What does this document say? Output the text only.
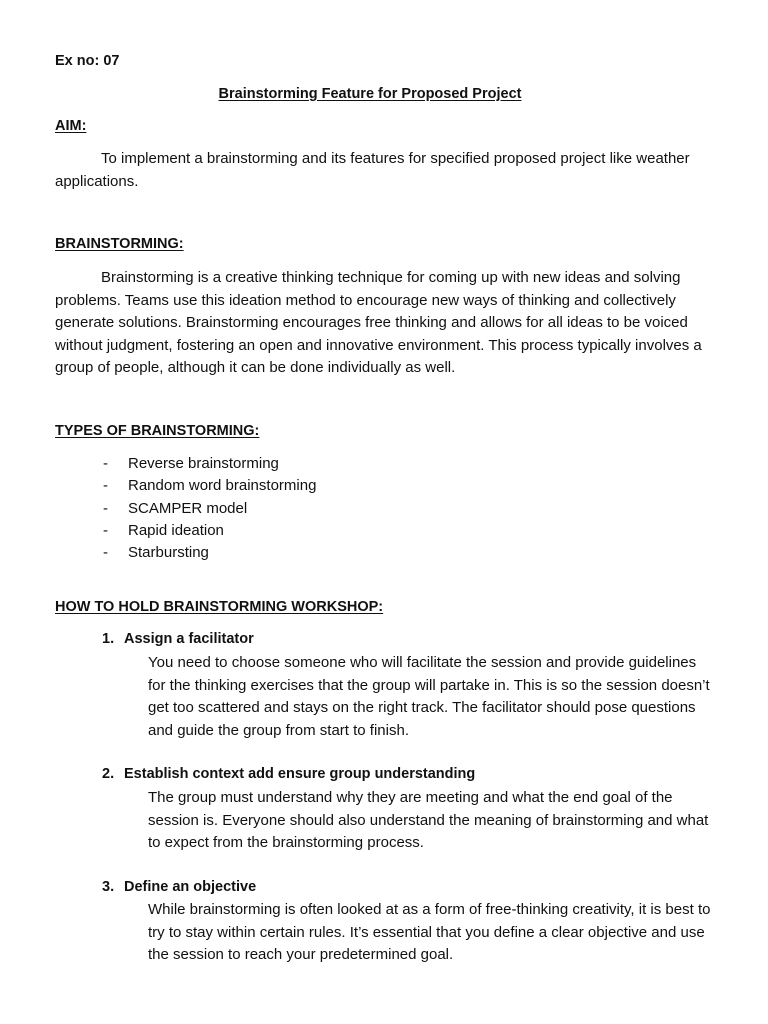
Ex no: 07
Brainstorming Feature for Proposed Project
AIM:
To implement a brainstorming and its features for specified proposed project like weather applications.
BRAINSTORMING:
Brainstorming is a creative thinking technique for coming up with new ideas and solving problems. Teams use this ideation method to encourage new ways of thinking and collectively generate solutions. Brainstorming encourages free thinking and allows for all ideas to be voiced without judgment, fostering an open and innovative environment. This process typically involves a group of people, although it can be done individually as well.
TYPES OF BRAINSTORMING:
- Reverse brainstorming
- Random word brainstorming
- SCAMPER model
- Rapid ideation
- Starbursting
HOW TO HOLD BRAINSTORMING WORKSHOP:
1. Assign a facilitator
You need to choose someone who will facilitate the session and provide guidelines for the thinking exercises that the group will partake in. This is so the session doesn’t get too scattered and stays on the right track. The facilitator should pose questions and guide the group from start to finish.
2. Establish context add ensure group understanding
The group must understand why they are meeting and what the end goal of the session is. Everyone should also understand the meaning of brainstorming and what to expect from the brainstorming process.
3. Define an objective
While brainstorming is often looked at as a form of free-thinking creativity, it is best to try to stay within certain rules. It’s essential that you define a clear objective and use the session to reach your predetermined goal.
